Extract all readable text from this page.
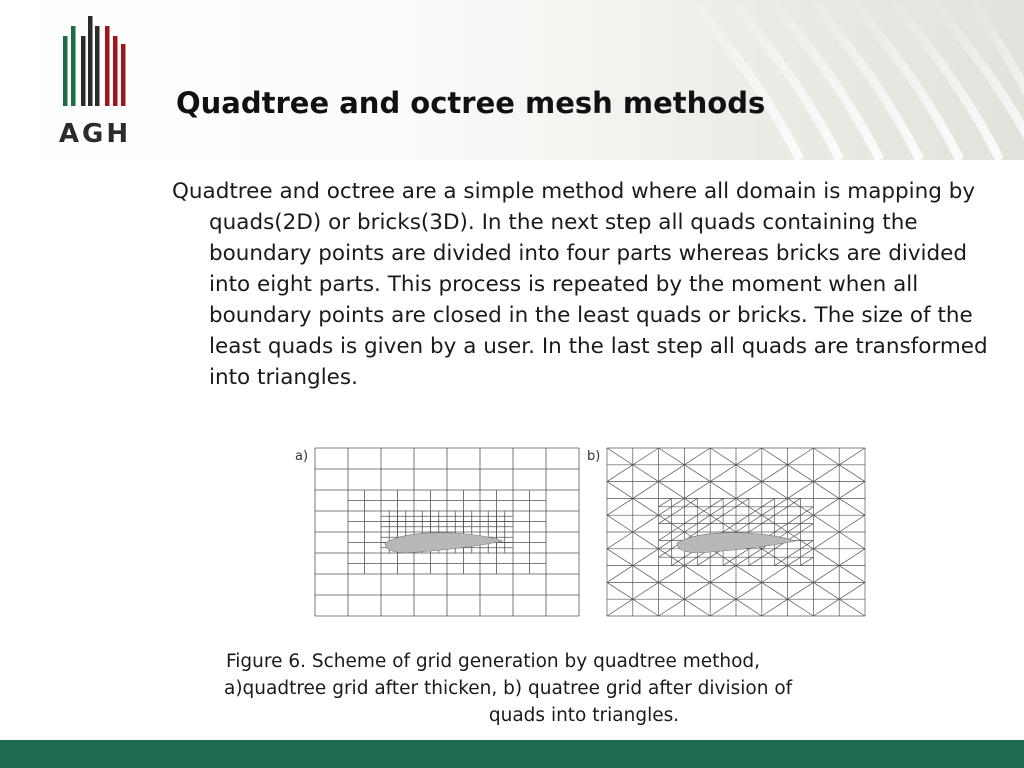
AGH
Quadtree and octree mesh methods

Quadtree and octree are a simple method where all domain is mapping by quads(2D) or bricks(3D). In the next step all quads containing the boundary points are divided into four parts whereas bricks are divided into eight parts. This process is repeated by the moment when all boundary points are closed in the least quads or bricks. The size of the least quads is given by a user. In the last step all quads are transformed into triangles.

a)	b)

Figure 6. Scheme of grid generation by quadtree method,
a)quadtree grid after thicken, b) quatree grid after division of
quads into triangles.
